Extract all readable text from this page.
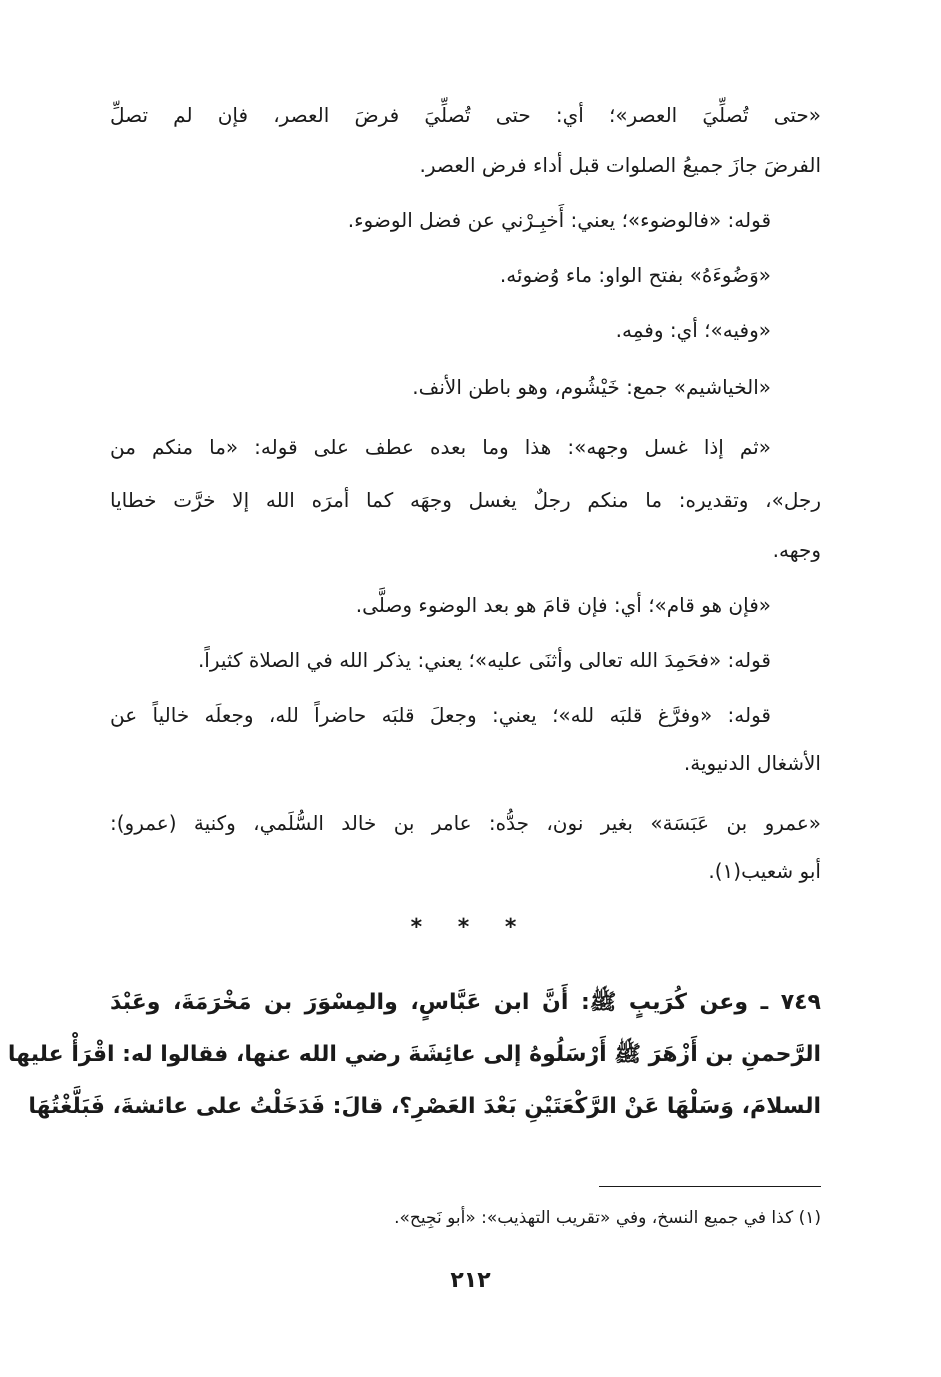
«حتى تُصلِّيَ العصر»؛ أي: حتى تُصلِّيَ فرضَ العصر، فإن لم تصلِّ
الفرضَ جازَ جميعُ الصلوات قبل أداء فرض العصر.
قوله: «فالوضوء»؛ يعني: أَخبِـرْني عن فضل الوضوء.
«وَضُوءَهُ» بفتح الواو: ماء وُضوئه.
«وفيه»؛ أي: وفمِه.
«الخياشيم» جمع: خَيْشُوم، وهو باطن الأنف.
«ثم إذا غسل وجهه»: هذا وما بعده عطف على قوله: «ما منكم من
رجل»، وتقديره: ما منكم رجلٌ يغسل وجهَه كما أمرَه الله إلا خرَّت خطايا
وجهه.
«فإن هو قام»؛ أي: فإن قامَ هو بعد الوضوء وصلَّى.
قوله: «فحَمِدَ الله تعالى وأثنَى عليه»؛ يعني: يذكر الله في الصلاة كثيراً.
قوله: «وفرَّغ قلبَه لله»؛ يعني: وجعلَ قلبَه حاضراً لله، وجعلَه خالياً عن
الأشغال الدنيوية.
«عمرو بن عَبَسَة» بغير نون، جدُّه: عامر بن خالد السُّلَمي، وكنية (عمرو):
أبو شعيب(١).
* * *
٧٤٩ ـ وعن كُرَيبٍ ﷺ: أَنَّ ابن عَبَّاسٍ، والمِسْوَرَ بن مَخْرَمَةَ، وعَبْدَ
الرَّحمنِ بن أَزْهَرَ ﷺ أَرْسَلُوهُ إلى عائِشَةَ رضي الله عنها، فقالوا له: اقْرَأْ عليها
السلامَ، وَسَلْهَا عَنْ الرَّكْعَتَيْنِ بَعْدَ العَصْرِ؟، قالَ: فَدَخَلْتُ على عائشةَ، فَبَلَّغْتُهَا
(١) كذا في جميع النسخ، وفي «تقريب التهذيب»: «أبو نَجِيح».
٢١٢
